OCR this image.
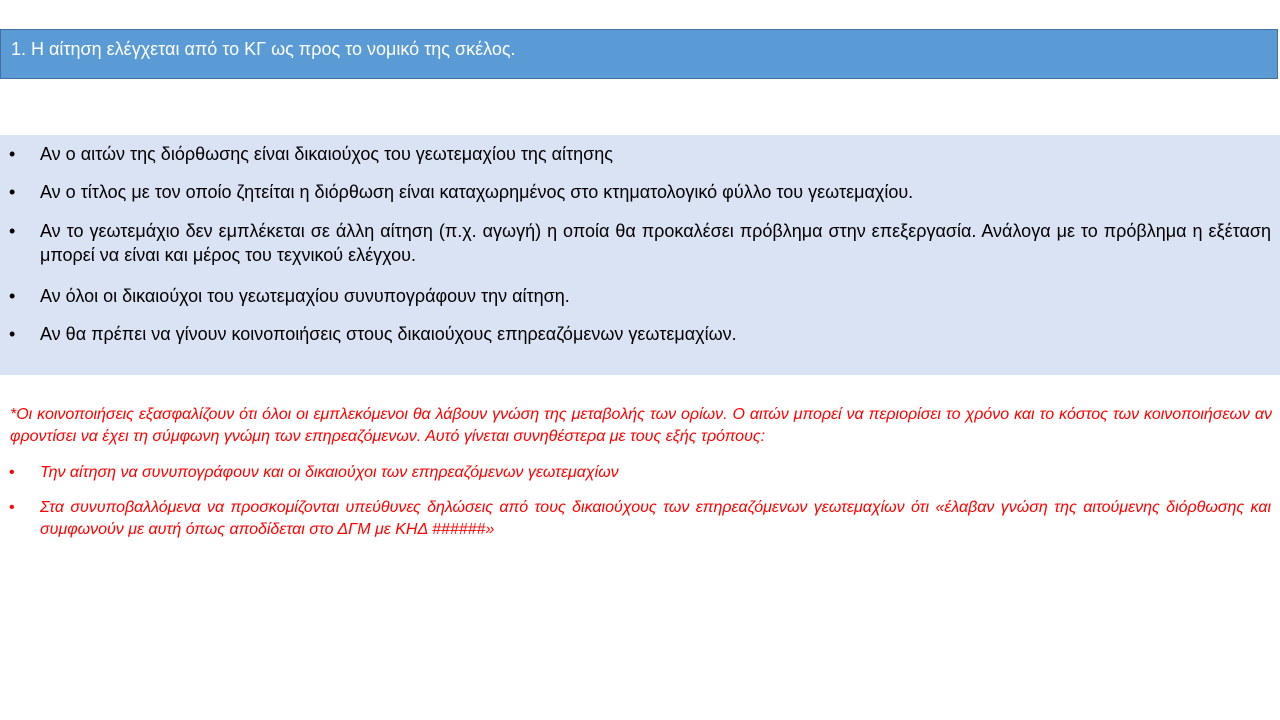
1. Η αίτηση ελέγχεται από το ΚΓ ως προς το νομικό της σκέλος.
• Αν ο αιτών της διόρθωσης είναι δικαιούχος του γεωτεμαχίου της αίτησης
• Αν ο τίτλος με τον οποίο ζητείται η διόρθωση είναι καταχωρημένος στο κτηματολογικό φύλλο του γεωτεμαχίου.
• Αν το γεωτεμάχιο δεν εμπλέκεται σε άλλη αίτηση (π.χ. αγωγή) η οποία θα προκαλέσει πρόβλημα στην επεξεργασία. Ανάλογα με το πρόβλημα η εξέταση μπορεί να είναι και μέρος του τεχνικού ελέγχου.
• Αν όλοι οι δικαιούχοι του γεωτεμαχίου συνυπογράφουν την αίτηση.
• Αν θα πρέπει να γίνουν κοινοποιήσεις στους δικαιούχους επηρεαζόμενων γεωτεμαχίων.
*Οι κοινοποιήσεις εξασφαλίζουν ότι όλοι οι εμπλεκόμενοι θα λάβουν γνώση της μεταβολής των ορίων. Ο αιτών μπορεί να περιορίσει το χρόνο και το κόστος των κοινοποιήσεων αν φροντίσει να έχει τη σύμφωνη γνώμη των επηρεαζόμενων. Αυτό γίνεται συνηθέστερα με τους εξής τρόπους:
• Την αίτηση να συνυπογράφουν και οι δικαιούχοι των επηρεαζόμενων γεωτεμαχίων
• Στα συνυποβαλλόμενα να προσκομίζονται υπεύθυνες δηλώσεις από τους δικαιούχους των επηρεαζόμενων γεωτεμαχίων ότι «έλαβαν γνώση της αιτούμενης διόρθωσης και συμφωνούν με αυτή όπως αποδίδεται στο ΔΓΜ με ΚΗΔ ######»
